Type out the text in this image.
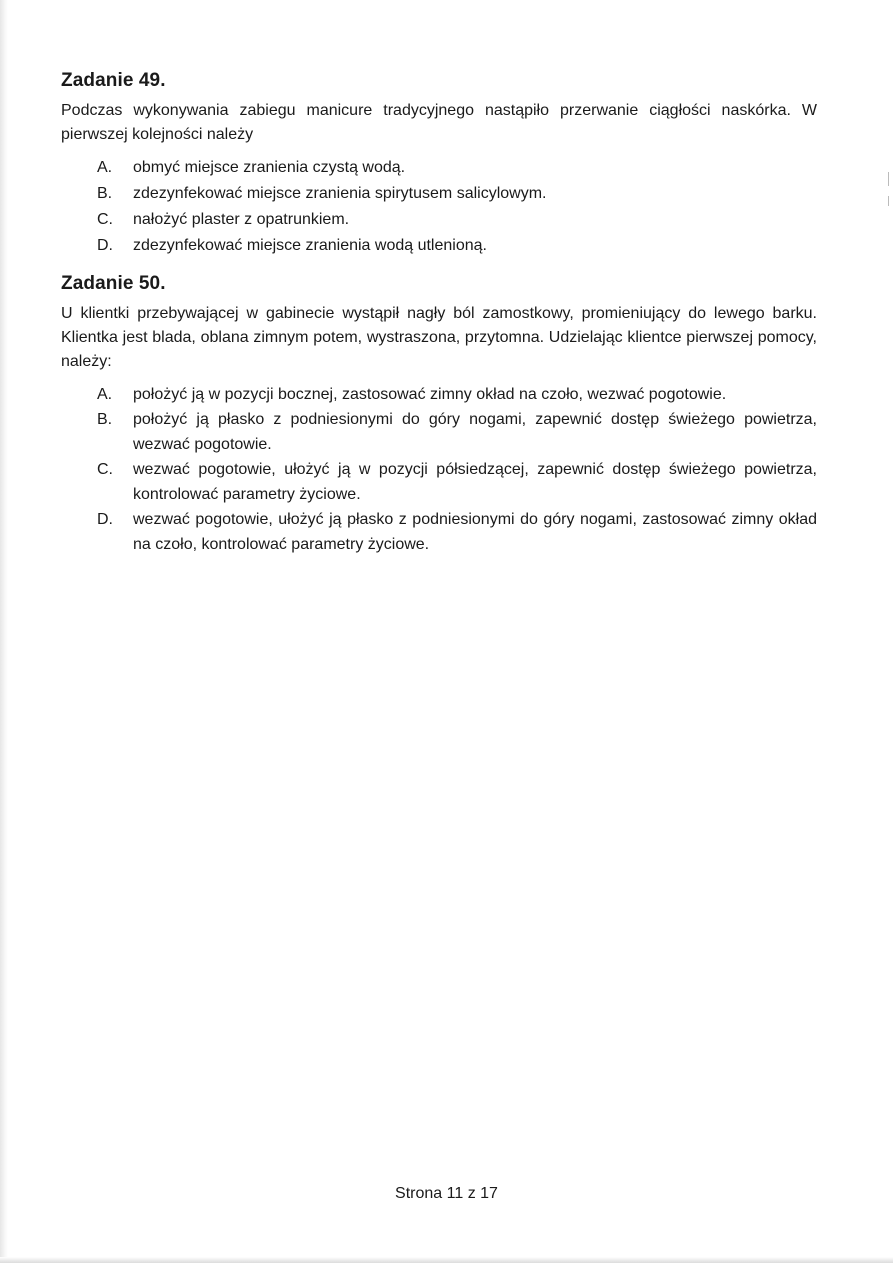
Zadanie 49.

Podczas wykonywania zabiegu manicure tradycyjnego nastąpiło przerwanie ciągłości naskórka. W pierwszej kolejności należy

A.	obmyć miejsce zranienia czystą wodą.
B.	zdezynfekować miejsce zranienia spirytusem salicylowym.
C.	nałożyć plaster z opatrunkiem.
D.	zdezynfekować miejsce zranienia wodą utlenioną.
Zadanie 50.

U klientki przebywającej w gabinecie wystąpił nagły ból zamostkowy, promieniujący do lewego barku. Klientka jest blada, oblana zimnym potem, wystraszona, przytomna. Udzielając klientce pierwszej pomocy, należy:

A.	położyć ją w pozycji bocznej, zastosować zimny okład na czoło, wezwać pogotowie.
B.	położyć ją płasko z podniesionymi do góry nogami, zapewnić dostęp świeżego powietrza, wezwać pogotowie.
C.	wezwać pogotowie, ułożyć ją w pozycji półsiedzącej, zapewnić dostęp świeżego powietrza, kontrolować parametry życiowe.
D.	wezwać pogotowie, ułożyć ją płasko z podniesionymi do góry nogami, zastosować zimny okład na czoło, kontrolować parametry życiowe.
Strona 11 z 17
